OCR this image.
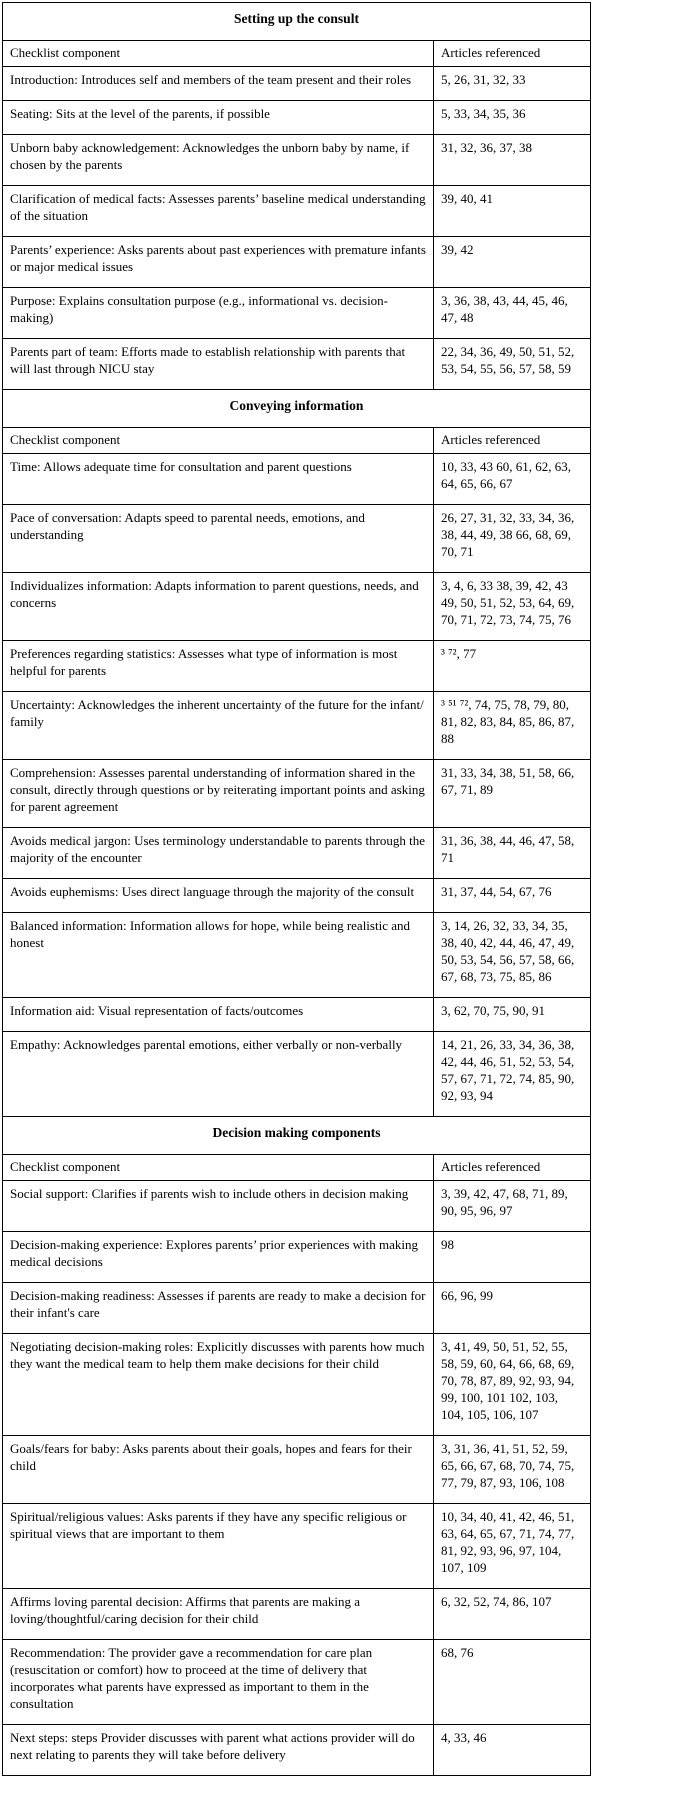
Setting up the consult	
Checklist component	Articles referenced
Introduction: Introduces self and members of the team present and their roles	5, 26, 31, 32, 33
Seating: Sits at the level of the parents, if possible	5, 33, 34, 35, 36
Unborn baby acknowledgement: Acknowledges the unborn baby by name, if chosen by the parents	31, 32, 36, 37, 38
Clarification of medical facts: Assesses parents’ baseline medical understanding of the situation	39, 40, 41
Parents’ experience: Asks parents about past experiences with premature infants or major medical issues	39, 42
Purpose: Explains consultation purpose (e.g., informational vs. decision-making)	3, 36, 38, 43, 44, 45, 46, 47, 48
Parents part of team: Efforts made to establish relationship with parents that will last through NICU stay	22, 34, 36, 49, 50, 51, 52, 53, 54, 55, 56, 57, 58, 59
Conveying information	
Checklist component	Articles referenced
Time: Allows adequate time for consultation and parent questions	10, 33, 43 60, 61, 62, 63, 64, 65, 66, 67
Pace of conversation: Adapts speed to parental needs, emotions, and understanding	26, 27, 31, 32, 33, 34, 36, 38, 44, 49, 38 66, 68, 69, 70, 71
Individualizes information: Adapts information to parent questions, needs, and concerns	3, 4, 6, 33 38, 39, 42, 43 49, 50, 51, 52, 53, 64, 69, 70, 71, 72, 73, 74, 75, 76
Preferences regarding statistics: Assesses what type of information is most helpful for parents	³ ⁷², 77
Uncertainty: Acknowledges the inherent uncertainty of the future for the infant/ family	³ ⁵¹ ⁷², 74, 75, 78, 79, 80, 81, 82, 83, 84, 85, 86, 87, 88
Comprehension: Assesses parental understanding of information shared in the consult, directly through questions or by reiterating important points and asking for parent agreement	31, 33, 34, 38, 51, 58, 66, 67, 71, 89
Avoids medical jargon: Uses terminology understandable to parents through the majority of the encounter	31, 36, 38, 44, 46, 47, 58, 71
Avoids euphemisms: Uses direct language through the majority of the consult	31, 37, 44, 54, 67, 76
Balanced information: Information allows for hope, while being realistic and honest	3, 14, 26, 32, 33, 34, 35, 38, 40, 42, 44, 46, 47, 49, 50, 53, 54, 56, 57, 58, 66, 67, 68, 73, 75, 85, 86
Information aid: Visual representation of facts/outcomes	3, 62, 70, 75, 90, 91
Empathy: Acknowledges parental emotions, either verbally or non-verbally	14, 21, 26, 33, 34, 36, 38, 42, 44, 46, 51, 52, 53, 54, 57, 67, 71, 72, 74, 85, 90, 92, 93, 94
Decision making components	
Checklist component	Articles referenced
Social support: Clarifies if parents wish to include others in decision making	3, 39, 42, 47, 68, 71, 89, 90, 95, 96, 97
Decision-making experience: Explores parents’ prior experiences with making medical decisions	98
Decision-making readiness: Assesses if parents are ready to make a decision for their infant's care	66, 96, 99
Negotiating decision-making roles: Explicitly discusses with parents how much they want the medical team to help them make decisions for their child	3, 41, 49, 50, 51, 52, 55, 58, 59, 60, 64, 66, 68, 69, 70, 78, 87, 89, 92, 93, 94, 99, 100, 101 102, 103, 104, 105, 106, 107
Goals/fears for baby: Asks parents about their goals, hopes and fears for their child	3, 31, 36, 41, 51, 52, 59, 65, 66, 67, 68, 70, 74, 75, 77, 79, 87, 93, 106, 108
Spiritual/religious values: Asks parents if they have any specific religious or spiritual views that are important to them	10, 34, 40, 41, 42, 46, 51, 63, 64, 65, 67, 71, 74, 77, 81, 92, 93, 96, 97, 104, 107, 109
Affirms loving parental decision: Affirms that parents are making a loving/thoughtful/caring decision for their child	6, 32, 52, 74, 86, 107
Recommendation: The provider gave a recommendation for care plan (resuscitation or comfort) how to proceed at the time of delivery that incorporates what parents have expressed as important to them in the consultation	68, 76
Next steps: steps Provider discusses with parent what actions provider will do next relating to parents they will take before delivery	4, 33, 46
